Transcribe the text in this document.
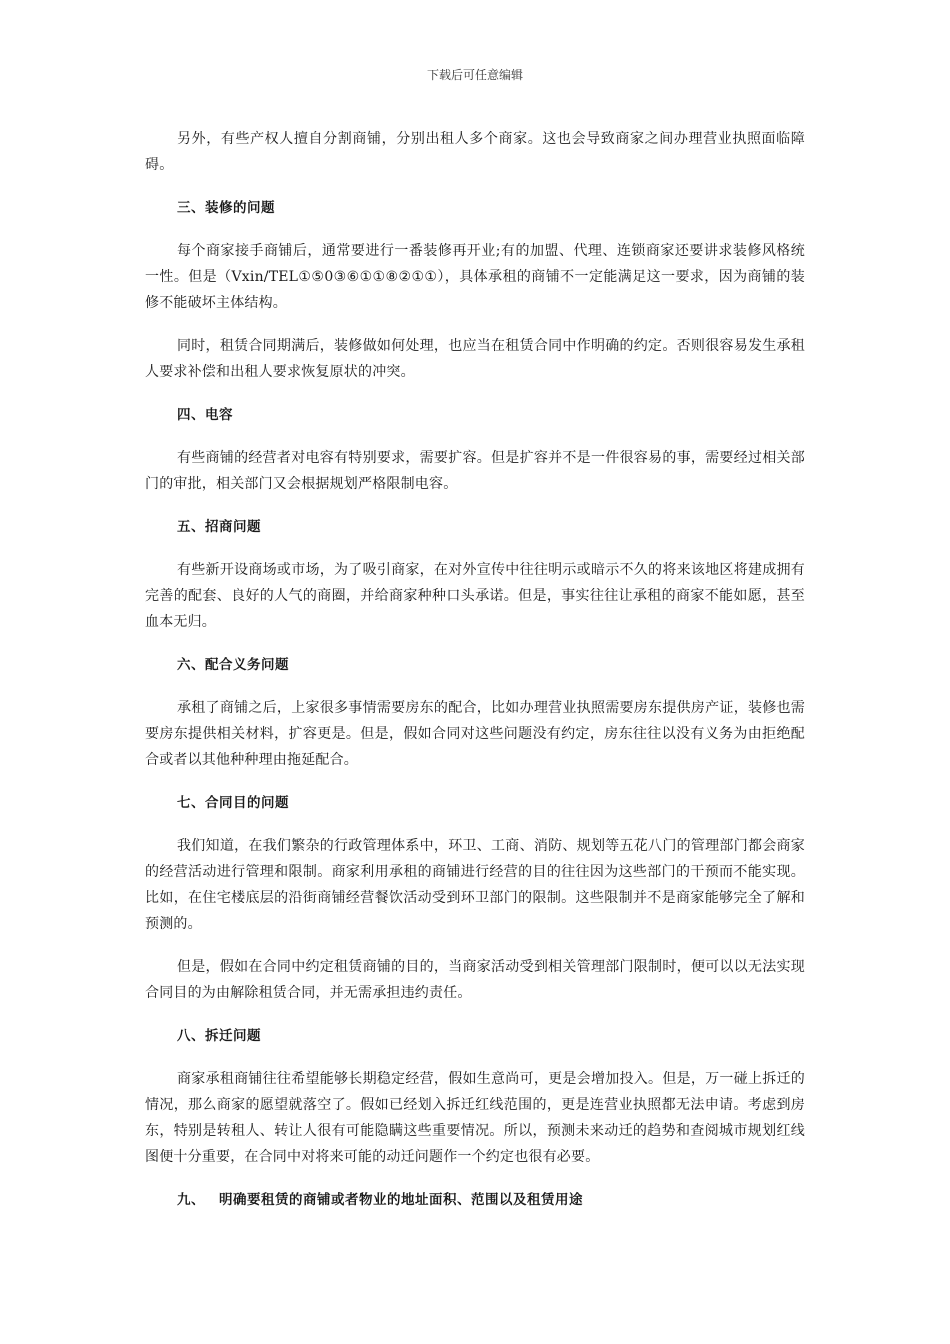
下载后可任意编辑

另外，有些产权人擅自分割商铺，分别出租人多个商家。这也会导致商家之间办理营业执照面临障碍。

三、装修的问题

每个商家接手商铺后，通常要进行一番装修再开业;有的加盟、代理、连锁商家还要讲求装修风格统一性。但是（Vxin/TEL①⑤0③⑥①①⑧②①①），具体承租的商铺不一定能满足这一要求，因为商铺的装修不能破坏主体结构。

同时，租赁合同期满后，装修做如何处理，也应当在租赁合同中作明确的约定。否则很容易发生承租人要求补偿和出租人要求恢复原状的冲突。

四、电容

有些商铺的经营者对电容有特别要求，需要扩容。但是扩容并不是一件很容易的事，需要经过相关部门的审批，相关部门又会根据规划严格限制电容。

五、招商问题

有些新开设商场或市场，为了吸引商家，在对外宣传中往往明示或暗示不久的将来该地区将建成拥有完善的配套、良好的人气的商圈，并给商家种种口头承诺。但是，事实往往让承租的商家不能如愿，甚至血本无归。

六、配合义务问题

承租了商铺之后，上家很多事情需要房东的配合，比如办理营业执照需要房东提供房产证，装修也需要房东提供相关材料，扩容更是。但是，假如合同对这些问题没有约定，房东往往以没有义务为由拒绝配合或者以其他种种理由拖延配合。

七、合同目的问题

我们知道，在我们繁杂的行政管理体系中，环卫、工商、消防、规划等五花八门的管理部门都会商家的经营活动进行管理和限制。商家利用承租的商铺进行经营的目的往往因为这些部门的干预而不能实现。比如，在住宅楼底层的沿街商铺经营餐饮活动受到环卫部门的限制。这些限制并不是商家能够完全了解和预测的。

但是，假如在合同中约定租赁商铺的目的，当商家活动受到相关管理部门限制时，便可以以无法实现合同目的为由解除租赁合同，并无需承担违约责任。

八、拆迁问题

商家承租商铺往往希望能够长期稳定经营，假如生意尚可，更是会增加投入。但是，万一碰上拆迁的情况，那么商家的愿望就落空了。假如已经划入拆迁红线范围的，更是连营业执照都无法申请。考虑到房东，特别是转租人、转让人很有可能隐瞒这些重要情况。所以，预测未来动迁的趋势和查阅城市规划红线图便十分重要，在合同中对将来可能的动迁问题作一个约定也很有必要。

九、 明确要租赁的商铺或者物业的地址面积、范围以及租赁用途
